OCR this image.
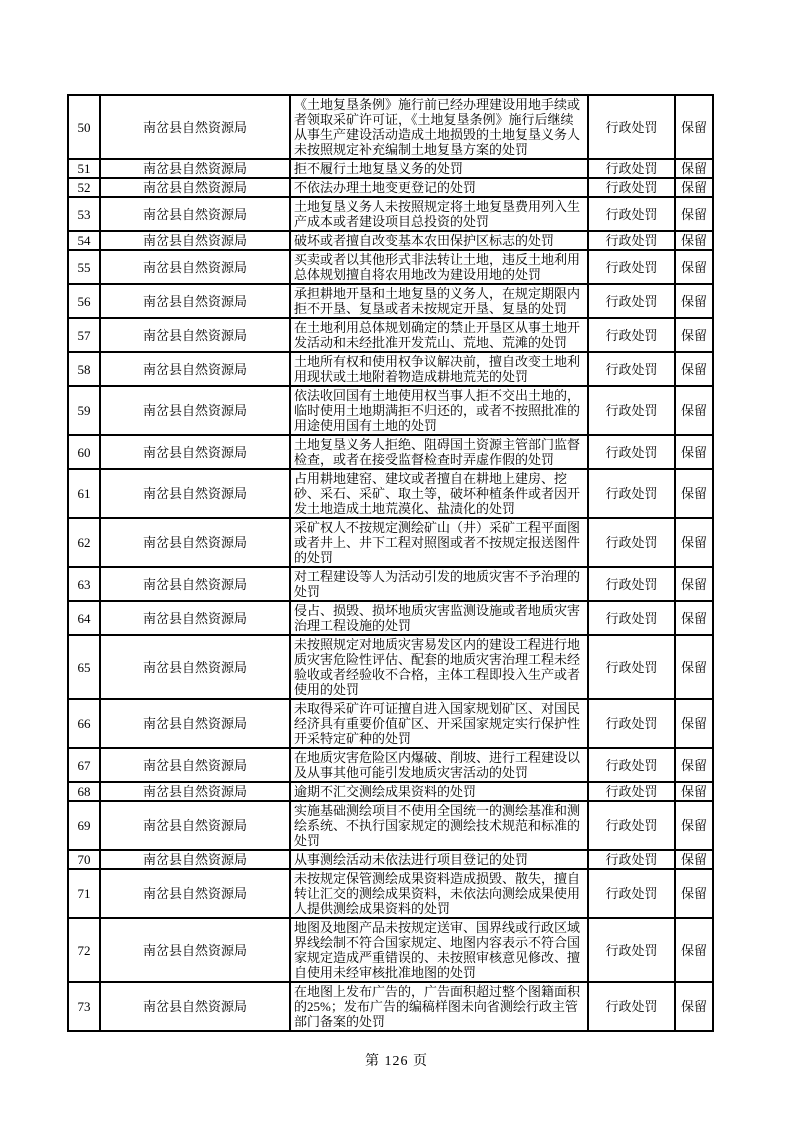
50	南岔县自然资源局	《土地复垦条例》施行前已经办理建设用地手续或者领取采矿许可证，《土地复垦条例》施行后继续从事生产建设活动造成土地损毁的土地复垦义务人未按照规定补充编制土地复垦方案的处罚	行政处罚	保留
51	南岔县自然资源局	拒不履行土地复垦义务的处罚	行政处罚	保留
52	南岔县自然资源局	不依法办理土地变更登记的处罚	行政处罚	保留
53	南岔县自然资源局	土地复垦义务人未按照规定将土地复垦费用列入生产成本或者建设项目总投资的处罚	行政处罚	保留
54	南岔县自然资源局	破坏或者擅自改变基本农田保护区标志的处罚	行政处罚	保留
55	南岔县自然资源局	买卖或者以其他形式非法转让土地，违反土地利用总体规划擅自将农用地改为建设用地的处罚	行政处罚	保留
56	南岔县自然资源局	承担耕地开垦和土地复垦的义务人，在规定期限内拒不开垦、复垦或者未按规定开垦、复垦的处罚	行政处罚	保留
57	南岔县自然资源局	在土地利用总体规划确定的禁止开垦区从事土地开发活动和未经批准开发荒山、荒地、荒滩的处罚	行政处罚	保留
58	南岔县自然资源局	土地所有权和使用权争议解决前，擅自改变土地利用现状或土地附着物造成耕地荒芜的处罚	行政处罚	保留
59	南岔县自然资源局	依法收回国有土地使用权当事人拒不交出土地的，临时使用土地期满拒不归还的，或者不按照批准的用途使用国有土地的处罚	行政处罚	保留
60	南岔县自然资源局	土地复垦义务人拒绝、阻碍国土资源主管部门监督检查，或者在接受监督检查时弄虚作假的处罚	行政处罚	保留
61	南岔县自然资源局	占用耕地建窑、建坟或者擅自在耕地上建房、挖砂、采石、采矿、取土等，破坏种植条件或者因开发土地造成土地荒漠化、盐渍化的处罚	行政处罚	保留
62	南岔县自然资源局	采矿权人不按规定测绘矿山（井）采矿工程平面图或者井上、井下工程对照图或者不按规定报送图件的处罚	行政处罚	保留
63	南岔县自然资源局	对工程建设等人为活动引发的地质灾害不予治理的处罚	行政处罚	保留
64	南岔县自然资源局	侵占、损毁、损坏地质灾害监测设施或者地质灾害治理工程设施的处罚	行政处罚	保留
65	南岔县自然资源局	未按照规定对地质灾害易发区内的建设工程进行地质灾害危险性评估、配套的地质灾害治理工程未经验收或者经验收不合格，主体工程即投入生产或者使用的处罚	行政处罚	保留
66	南岔县自然资源局	未取得采矿许可证擅自进入国家规划矿区、对国民经济具有重要价值矿区、开采国家规定实行保护性开采特定矿种的处罚	行政处罚	保留
67	南岔县自然资源局	在地质灾害危险区内爆破、削坡、进行工程建设以及从事其他可能引发地质灾害活动的处罚	行政处罚	保留
68	南岔县自然资源局	逾期不汇交测绘成果资料的处罚	行政处罚	保留
69	南岔县自然资源局	实施基础测绘项目不使用全国统一的测绘基准和测绘系统、不执行国家规定的测绘技术规范和标准的处罚	行政处罚	保留
70	南岔县自然资源局	从事测绘活动未依法进行项目登记的处罚	行政处罚	保留
71	南岔县自然资源局	未按规定保管测绘成果资料造成损毁、散失，擅自转让汇交的测绘成果资料，未依法向测绘成果使用人提供测绘成果资料的处罚	行政处罚	保留
72	南岔县自然资源局	地图及地图产品未按规定送审、国界线或行政区域界线绘制不符合国家规定、地图内容表示不符合国家规定造成严重错误的、未按照审核意见修改、擅自使用未经审核批准地图的处罚	行政处罚	保留
73	南岔县自然资源局	在地图上发布广告的，广告面积超过整个图籍面积的25%；发布广告的编稿样图未向省测绘行政主管部门备案的处罚	行政处罚	保留
第 126 页
